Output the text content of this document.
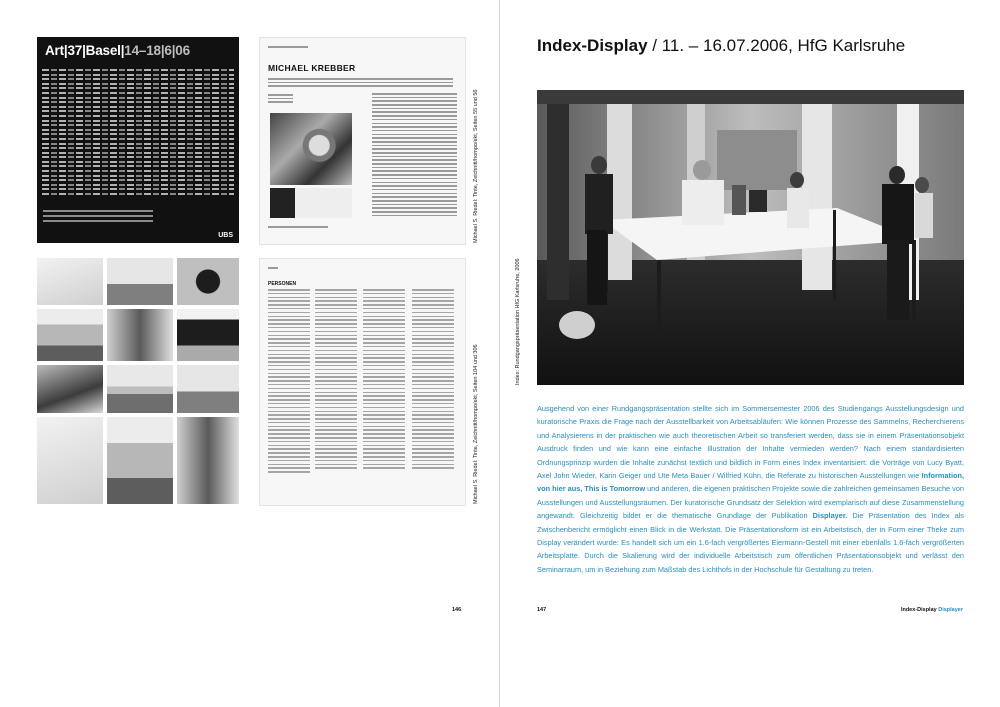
Art|37|Basel|14–18|6|06
UBS
MICHAEL KREBBER
Michael S. Riedel: Tinte, Zeichnitt/hompo/ekt, Seiten 55 und 56
PERSONEN
Michael S. Riedel: Tinte, Zeichnitt/hompo/ekt, Seiten 104 und 306
146
Index: Rundgangspräsentation HfG Karlsruhe, 2006
Index-Display / 11. – 16.07.2006, HfG Karlsruhe
Ausgehend von einer Rundgangspräsentation stellte sich im Sommersemester 2006 des Studiengangs Ausstellungsdesign und kuratorische Praxis die Frage nach der Ausstellbarkeit von Arbeitsabläufen: Wie können Prozesse des Sammelns, Recherchierens und Analysierens in der praktischen wie auch theoretischen Arbeit so transferiert werden, dass sie in einem Präsentationsobjekt Ausdruck finden und wie kann eine einfache Illustration der Inhalte vermieden werden? Nach einem standardisierten Ordnungsprinzip wurden die Inhalte zunächst textlich und bildlich in Form eines Index inventarisiert: die Vorträge von Lucy Byatt, Axel John Wieder, Karin Geiger und Ute Meta Bauer / Wilfried Kühn, die Referate zu historischen Ausstellungen wie Information, von hier aus, This is Tomorrow und anderen, die eigenen praktischen Projekte sowie die zahlreichen gemeinsamen Besuche von Ausstellungen und Ausstellungsräumen. Der kuratorische Grundsatz der Selektion wird exemplarisch auf diese Zusammenstellung angewandt. Gleichzeitig bildet er die thematische Grundlage der Publikation Displayer. Die Präsentation des Index als Zwischenbericht ermöglicht einen Blick in die Werkstatt. Die Präsentationsform ist ein Arbeitstisch, der in Form einer Theke zum Display verändert wurde: Es handelt sich um ein 1.6-fach vergrößertes Eiermann-Gestell mit einer ebenfalls 1.6-fach vergrößerten Arbeitsplatte. Durch die Skalierung wird der individuelle Arbeitstisch zum öffentlichen Präsentationsobjekt und verlässt den Seminarraum, um in Beziehung zum Maßstab des Lichthofs in der Hochschule für Gestaltung zu treten.
147	Index-Display Displayer
